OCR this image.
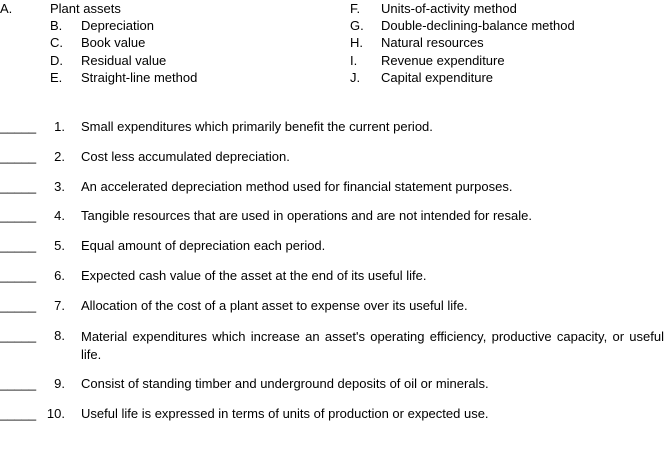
A.	Plant assets
B. Depreciation
C. Book value
D. Residual value
E. Straight-line method
F. Units-of-activity method
G. Double-declining-balance method
H. Natural resources
I. Revenue expenditure
J. Capital expenditure
_____ 1. Small expenditures which primarily benefit the current period.
_____ 2. Cost less accumulated depreciation.
_____ 3. An accelerated depreciation method used for financial statement purposes.
_____ 4. Tangible resources that are used in operations and are not intended for resale.
_____ 5. Equal amount of depreciation each period.
_____ 6. Expected cash value of the asset at the end of its useful life.
_____ 7. Allocation of the cost of a plant asset to expense over its useful life.
_____ 8. Material expenditures which increase an asset's operating efficiency, productive capacity, or useful life.
_____ 9. Consist of standing timber and underground deposits of oil or minerals.
_____ 10. Useful life is expressed in terms of units of production or expected use.
